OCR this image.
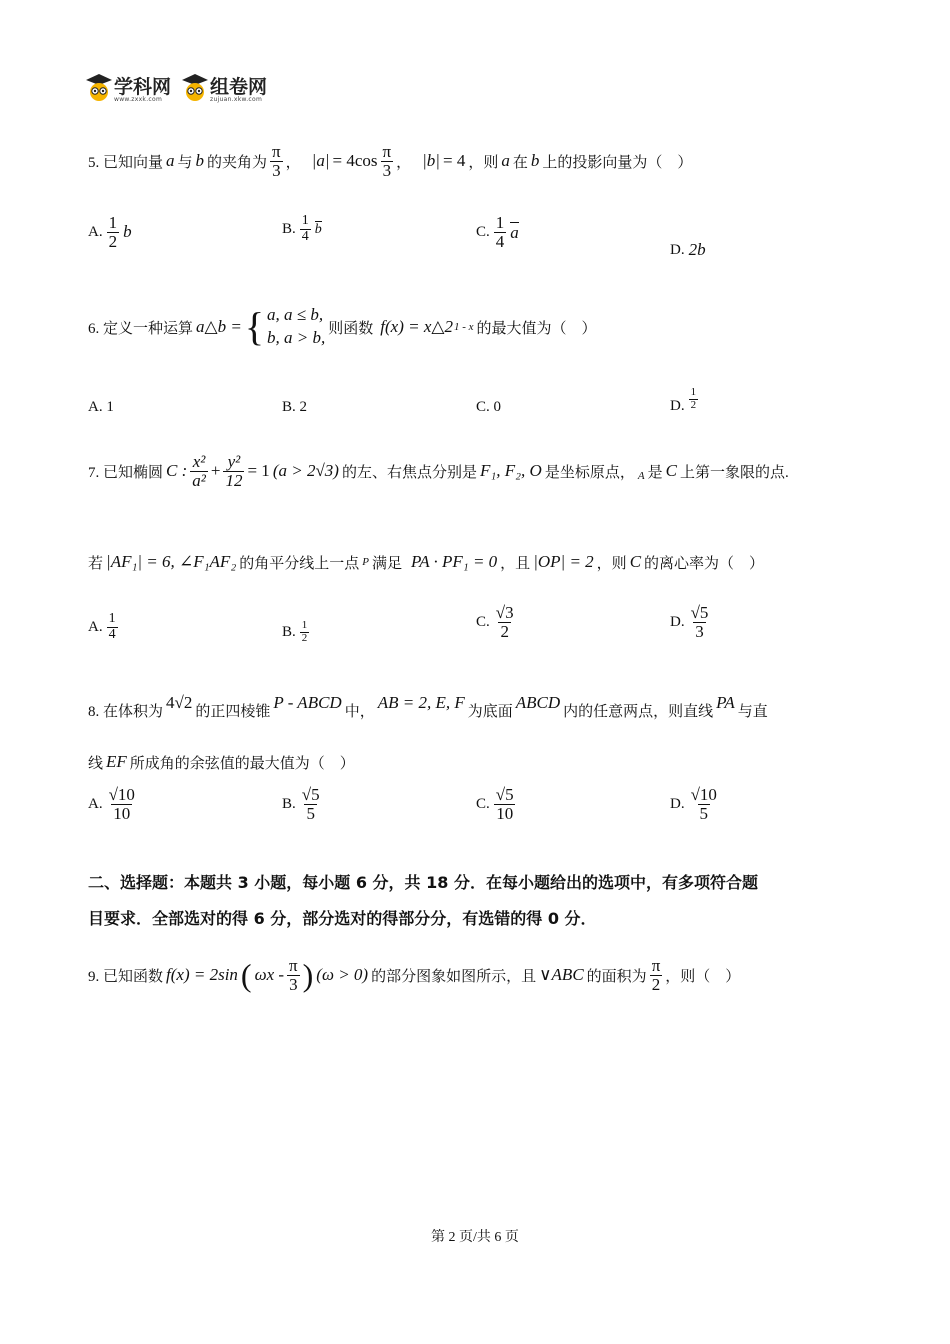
学科网
www.zxxk.com
组卷网
zujuan.xkw.com
5. 已知向量 a 与 b 的夹角为 $\frac{\pi}{3}$ ， $|a| = 4\cos \frac{\pi}{3}$ ， |b| = 4 ，则 a 在 b 上的投影向量为（　）
A. $\frac{1}{2}$ b	B. $\frac{1}{4}$ b	C. $\frac{1}{4}$ a
D. 2b
6. 定义一种运算 a△b = { a, a ≤ b,
b, a > b, 则函数 f(x) = x△2 1 - x 的最大值为（　）
A. 1	B. 2	C. 0	D. $\frac{1}{2}$
7. 已知椭圆 C : $\frac{\text{x²}}{\text{a²}} + \frac{\text{y²}}{12} = 1$ (a > 2√3) 的左、右焦点分别是 F₁, F₂, O 是坐标原点， A 是 C 上第一象限的点.
若 |AF₁| = 6, ∠F₁AF₂ 的角平分线上一点 P 满足 PA · PF₁ = 0 ，且 |OP| = 2 ，则 C 的离心率为（　）
A. $\frac{1}{4}$	B. $\frac{1}{2}$	C. $\frac{√3}{2}$	D. $\frac{√5}{3}$
8. 在体积为 4√2 的正四棱锥 P - ABCD 中， AB = 2, E, F 为底面 ABCD 内的任意两点，则直线 PA 与直
线 EF 所成角的余弦值的最大值为（　）
A. $\frac{√10}{10}$	B. $\frac{√5}{5}$	C. $\frac{√5}{10}$	D. $\frac{√10}{5}$
二、选择题：本题共 3 小题，每小题 6 分，共 18 分．在每小题给出的选项中，有多项符合题
目要求．全部选对的得 6 分，部分选对的得部分分，有选错的得 0 分．
9. 已知函数 f(x) = 2sin ( ωx - $\frac{\pi}{3}$ ) (ω > 0) 的部分图象如图所示，且 ∨ABC 的面积为 $\frac{\pi}{2}$ ，则（　）
第 2 页/共 6 页
